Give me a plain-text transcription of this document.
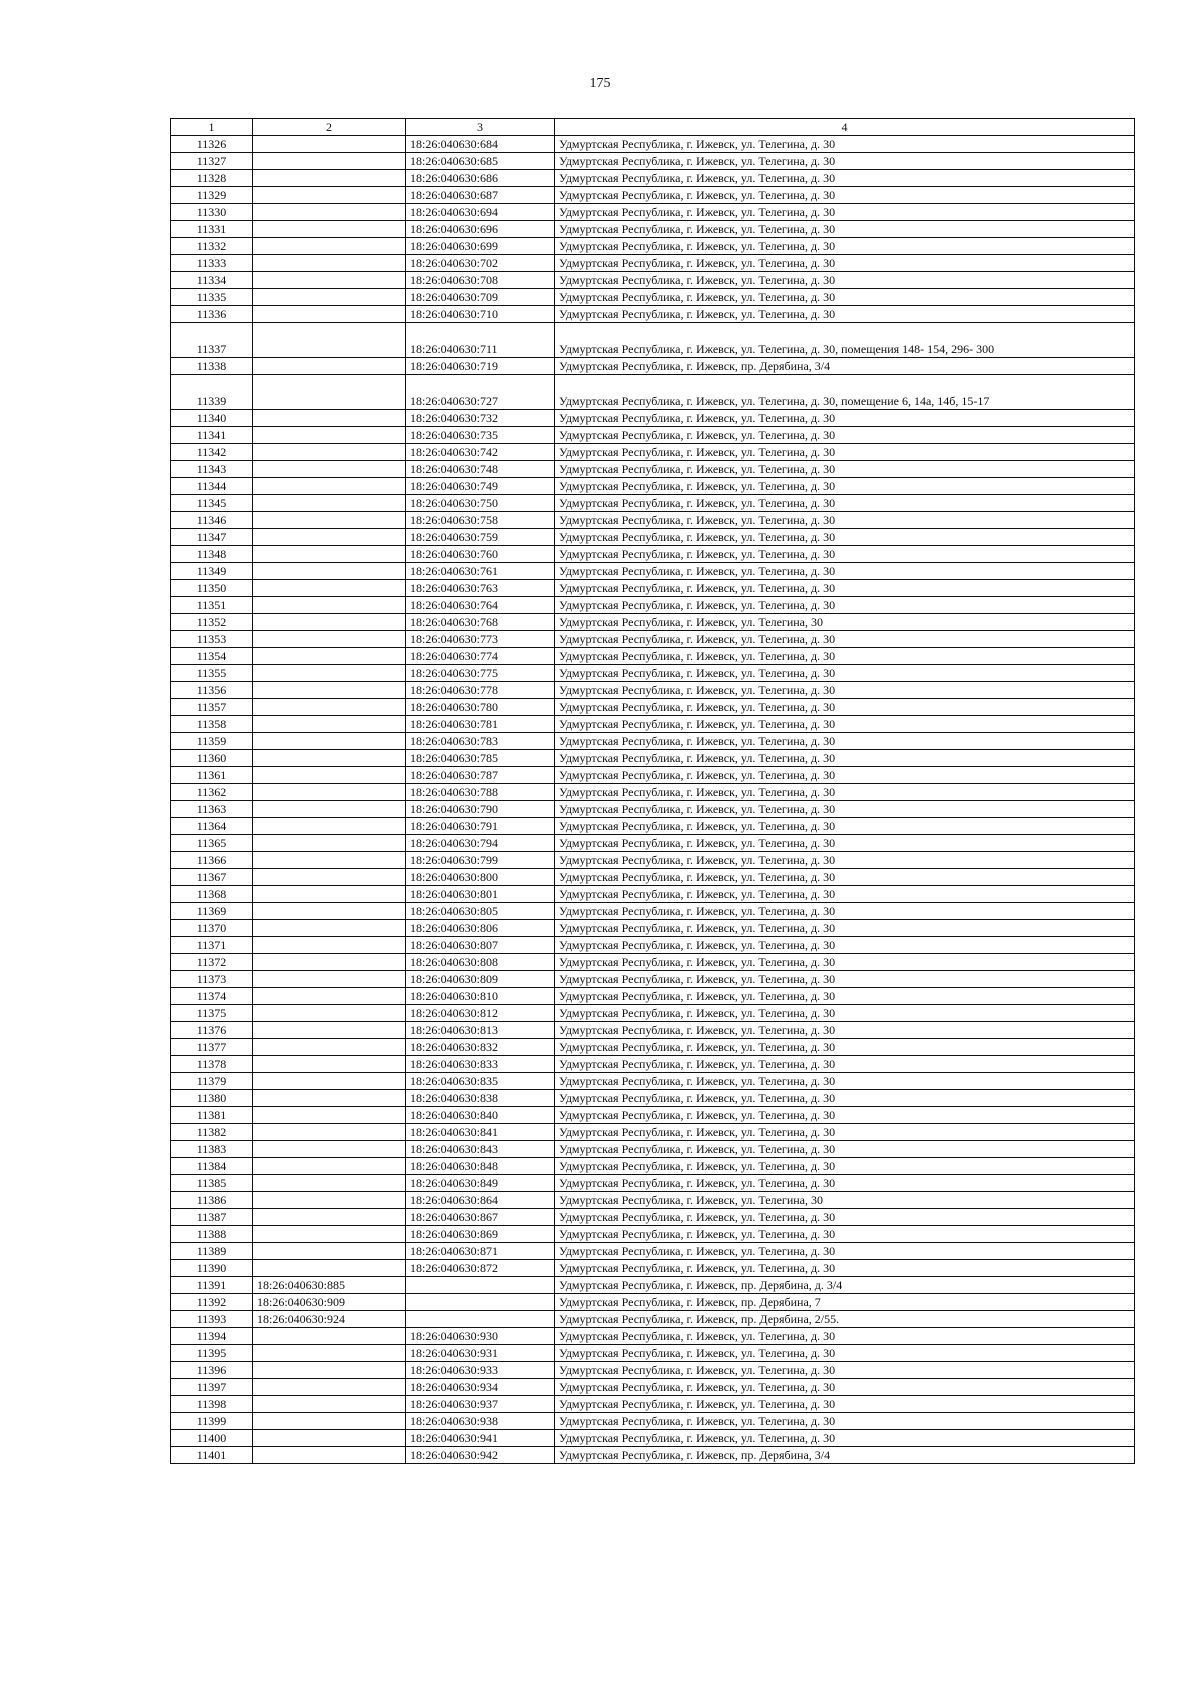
175
1	2	3	4
11326		18:26:040630:684	Удмуртская Республика, г. Ижевск, ул. Телегина, д. 30
11327		18:26:040630:685	Удмуртская Республика, г. Ижевск, ул. Телегина, д. 30
11328		18:26:040630:686	Удмуртская Республика, г. Ижевск, ул. Телегина, д. 30
11329		18:26:040630:687	Удмуртская Республика, г. Ижевск, ул. Телегина, д. 30
11330		18:26:040630:694	Удмуртская Республика, г. Ижевск, ул. Телегина, д. 30
11331		18:26:040630:696	Удмуртская Республика, г. Ижевск, ул. Телегина, д. 30
11332		18:26:040630:699	Удмуртская Республика, г. Ижевск, ул. Телегина, д. 30
11333		18:26:040630:702	Удмуртская Республика, г. Ижевск, ул. Телегина, д. 30
11334		18:26:040630:708	Удмуртская Республика, г. Ижевск, ул. Телегина, д. 30
11335		18:26:040630:709	Удмуртская Республика, г. Ижевск, ул. Телегина, д. 30
11336		18:26:040630:710	Удмуртская Республика, г. Ижевск, ул. Телегина, д. 30
11337		18:26:040630:711	Удмуртская Республика, г. Ижевск, ул. Телегина, д. 30, помещения 148- 154, 296- 300
11338		18:26:040630:719	Удмуртская Республика, г. Ижевск, пр. Дерябина, 3/4
11339		18:26:040630:727	Удмуртская Республика, г. Ижевск, ул. Телегина, д. 30, помещение 6, 14а, 14б, 15-17
11340		18:26:040630:732	Удмуртская Республика, г. Ижевск, ул. Телегина, д. 30
11341		18:26:040630:735	Удмуртская Республика, г. Ижевск, ул. Телегина, д. 30
11342		18:26:040630:742	Удмуртская Республика, г. Ижевск, ул. Телегина, д. 30
11343		18:26:040630:748	Удмуртская Республика, г. Ижевск, ул. Телегина, д. 30
11344		18:26:040630:749	Удмуртская Республика, г. Ижевск, ул. Телегина, д. 30
11345		18:26:040630:750	Удмуртская Республика, г. Ижевск, ул. Телегина, д. 30
11346		18:26:040630:758	Удмуртская Республика, г. Ижевск, ул. Телегина, д. 30
11347		18:26:040630:759	Удмуртская Республика, г. Ижевск, ул. Телегина, д. 30
11348		18:26:040630:760	Удмуртская Республика, г. Ижевск, ул. Телегина, д. 30
11349		18:26:040630:761	Удмуртская Республика, г. Ижевск, ул. Телегина, д. 30
11350		18:26:040630:763	Удмуртская Республика, г. Ижевск, ул. Телегина, д. 30
11351		18:26:040630:764	Удмуртская Республика, г. Ижевск, ул. Телегина, д. 30
11352		18:26:040630:768	Удмуртская Республика, г. Ижевск, ул. Телегина, 30
11353		18:26:040630:773	Удмуртская Республика, г. Ижевск, ул. Телегина, д. 30
11354		18:26:040630:774	Удмуртская Республика, г. Ижевск, ул. Телегина, д. 30
11355		18:26:040630:775	Удмуртская Республика, г. Ижевск, ул. Телегина, д. 30
11356		18:26:040630:778	Удмуртская Республика, г. Ижевск, ул. Телегина, д. 30
11357		18:26:040630:780	Удмуртская Республика, г. Ижевск, ул. Телегина, д. 30
11358		18:26:040630:781	Удмуртская Республика, г. Ижевск, ул. Телегина, д. 30
11359		18:26:040630:783	Удмуртская Республика, г. Ижевск, ул. Телегина, д. 30
11360		18:26:040630:785	Удмуртская Республика, г. Ижевск, ул. Телегина, д. 30
11361		18:26:040630:787	Удмуртская Республика, г. Ижевск, ул. Телегина, д. 30
11362		18:26:040630:788	Удмуртская Республика, г. Ижевск, ул. Телегина, д. 30
11363		18:26:040630:790	Удмуртская Республика, г. Ижевск, ул. Телегина, д. 30
11364		18:26:040630:791	Удмуртская Республика, г. Ижевск, ул. Телегина, д. 30
11365		18:26:040630:794	Удмуртская Республика, г. Ижевск, ул. Телегина, д. 30
11366		18:26:040630:799	Удмуртская Республика, г. Ижевск, ул. Телегина, д. 30
11367		18:26:040630:800	Удмуртская Республика, г. Ижевск, ул. Телегина, д. 30
11368		18:26:040630:801	Удмуртская Республика, г. Ижевск, ул. Телегина, д. 30
11369		18:26:040630:805	Удмуртская Республика, г. Ижевск, ул. Телегина, д. 30
11370		18:26:040630:806	Удмуртская Республика, г. Ижевск, ул. Телегина, д. 30
11371		18:26:040630:807	Удмуртская Республика, г. Ижевск, ул. Телегина, д. 30
11372		18:26:040630:808	Удмуртская Республика, г. Ижевск, ул. Телегина, д. 30
11373		18:26:040630:809	Удмуртская Республика, г. Ижевск, ул. Телегина, д. 30
11374		18:26:040630:810	Удмуртская Республика, г. Ижевск, ул. Телегина, д. 30
11375		18:26:040630:812	Удмуртская Республика, г. Ижевск, ул. Телегина, д. 30
11376		18:26:040630:813	Удмуртская Республика, г. Ижевск, ул. Телегина, д. 30
11377		18:26:040630:832	Удмуртская Республика, г. Ижевск, ул. Телегина, д. 30
11378		18:26:040630:833	Удмуртская Республика, г. Ижевск, ул. Телегина, д. 30
11379		18:26:040630:835	Удмуртская Республика, г. Ижевск, ул. Телегина, д. 30
11380		18:26:040630:838	Удмуртская Республика, г. Ижевск, ул. Телегина, д. 30
11381		18:26:040630:840	Удмуртская Республика, г. Ижевск, ул. Телегина, д. 30
11382		18:26:040630:841	Удмуртская Республика, г. Ижевск, ул. Телегина, д. 30
11383		18:26:040630:843	Удмуртская Республика, г. Ижевск, ул. Телегина, д. 30
11384		18:26:040630:848	Удмуртская Республика, г. Ижевск, ул. Телегина, д. 30
11385		18:26:040630:849	Удмуртская Республика, г. Ижевск, ул. Телегина, д. 30
11386		18:26:040630:864	Удмуртская Республика, г. Ижевск, ул. Телегина, 30
11387		18:26:040630:867	Удмуртская Республика, г. Ижевск, ул. Телегина, д. 30
11388		18:26:040630:869	Удмуртская Республика, г. Ижевск, ул. Телегина, д. 30
11389		18:26:040630:871	Удмуртская Республика, г. Ижевск, ул. Телегина, д. 30
11390		18:26:040630:872	Удмуртская Республика, г. Ижевск, ул. Телегина, д. 30
11391	18:26:040630:885		Удмуртская Республика, г. Ижевск, пр. Дерябина, д. 3/4
11392	18:26:040630:909		Удмуртская Республика, г. Ижевск, пр. Дерябина, 7
11393	18:26:040630:924		Удмуртская Республика, г. Ижевск, пр. Дерябина, 2/55.
11394		18:26:040630:930	Удмуртская Республика, г. Ижевск, ул. Телегина, д. 30
11395		18:26:040630:931	Удмуртская Республика, г. Ижевск, ул. Телегина, д. 30
11396		18:26:040630:933	Удмуртская Республика, г. Ижевск, ул. Телегина, д. 30
11397		18:26:040630:934	Удмуртская Республика, г. Ижевск, ул. Телегина, д. 30
11398		18:26:040630:937	Удмуртская Республика, г. Ижевск, ул. Телегина, д. 30
11399		18:26:040630:938	Удмуртская Республика, г. Ижевск, ул. Телегина, д. 30
11400		18:26:040630:941	Удмуртская Республика, г. Ижевск, ул. Телегина, д. 30
11401		18:26:040630:942	Удмуртская Республика, г. Ижевск, пр. Дерябина, 3/4
